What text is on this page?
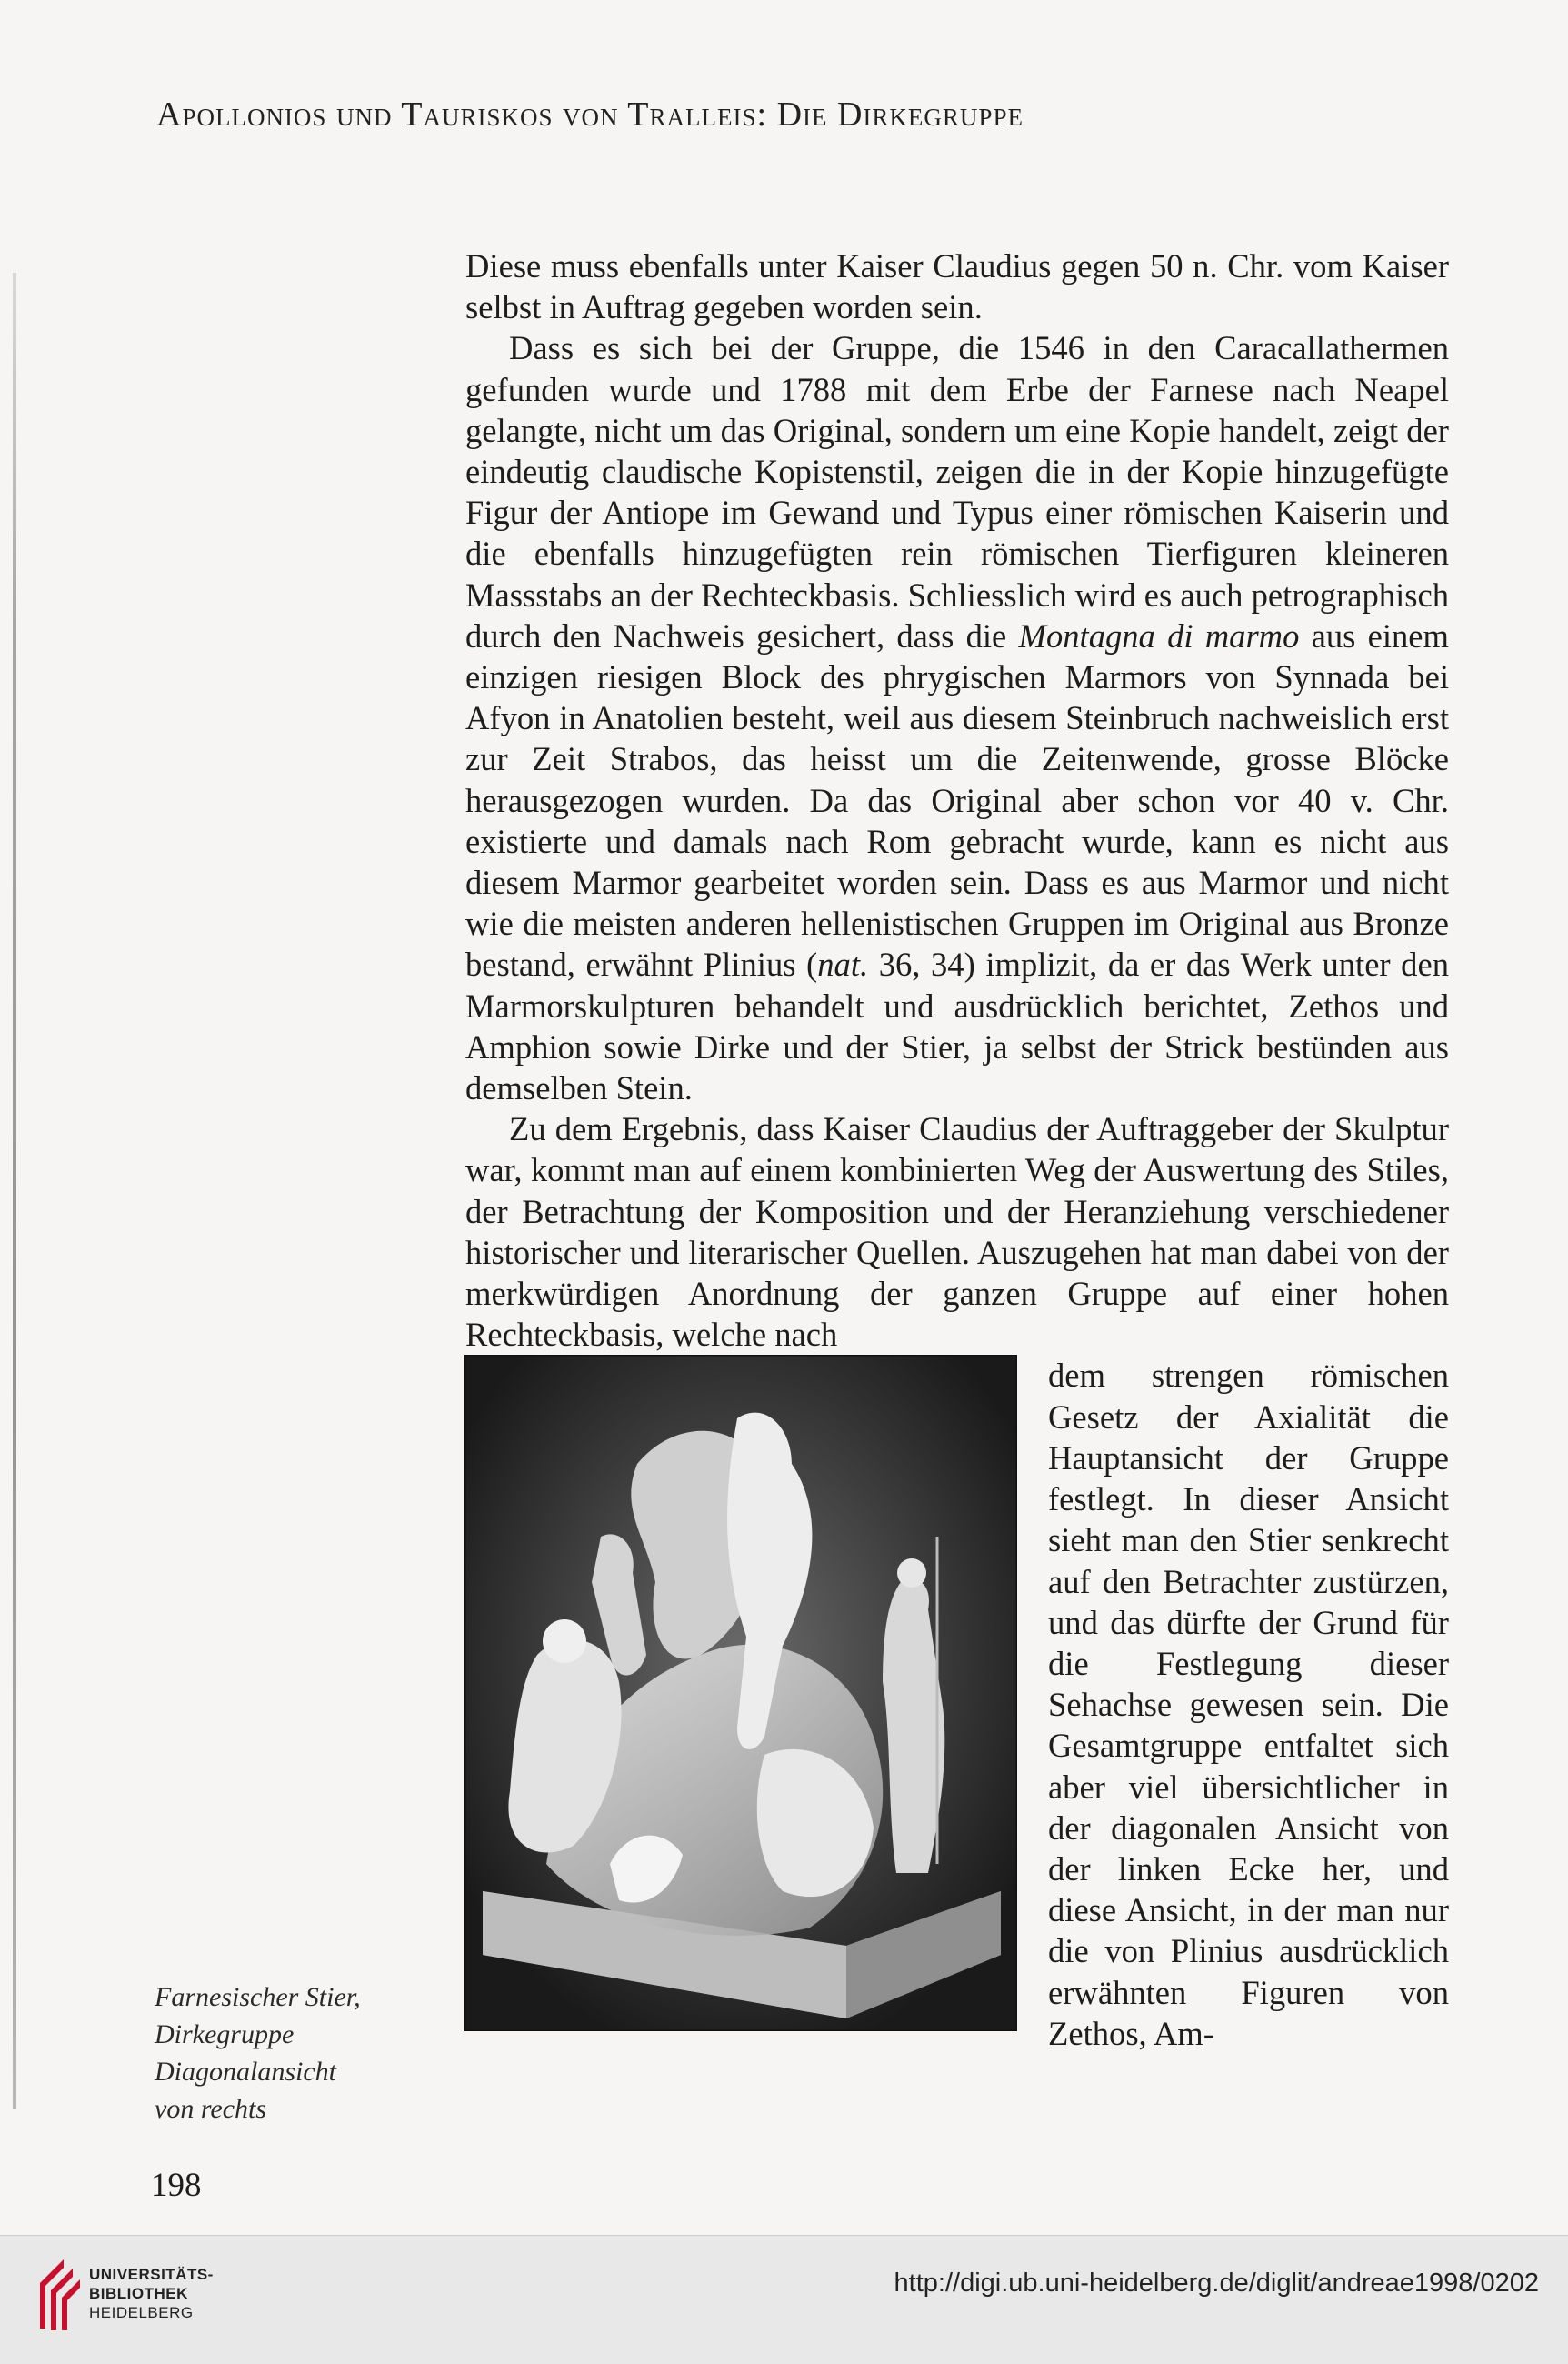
Apollonios und Tauriskos von Tralleis: Die Dirkegruppe

Diese muss ebenfalls unter Kaiser Claudius gegen 50 n. Chr. vom Kaiser selbst in Auftrag gegeben worden sein.

Dass es sich bei der Gruppe, die 1546 in den Caracallathermen gefunden wurde und 1788 mit dem Erbe der Farnese nach Neapel gelangte, nicht um das Original, sondern um eine Kopie handelt, zeigt der eindeutig claudische Kopistenstil, zeigen die in der Kopie hinzugefügte Figur der Antiope im Gewand und Typus einer römischen Kaiserin und die ebenfalls hinzugefügten rein römischen Tierfiguren kleineren Massstabs an der Rechteckbasis. Schliesslich wird es auch petrographisch durch den Nachweis gesichert, dass die Montagna di marmo aus einem einzigen riesigen Block des phrygischen Marmors von Synnada bei Afyon in Anatolien besteht, weil aus diesem Steinbruch nachweislich erst zur Zeit Strabos, das heisst um die Zeitenwende, grosse Blöcke herausgezogen wurden. Da das Original aber schon vor 40 v. Chr. existierte und damals nach Rom gebracht wurde, kann es nicht aus diesem Marmor gearbeitet worden sein. Dass es aus Marmor und nicht wie die meisten anderen hellenistischen Gruppen im Original aus Bronze bestand, erwähnt Plinius (nat. 36, 34) implizit, da er das Werk unter den Marmorskulpturen behandelt und ausdrücklich berichtet, Zethos und Amphion sowie Dirke und der Stier, ja selbst der Strick bestünden aus demselben Stein.

Zu dem Ergebnis, dass Kaiser Claudius der Auftraggeber der Skulptur war, kommt man auf einem kombinierten Weg der Auswertung des Stiles, der Betrachtung der Komposition und der Heranziehung verschiedener historischer und literarischer Quellen. Auszugehen hat man dabei von der merkwürdigen Anordnung der ganzen Gruppe auf einer hohen Rechteckbasis, welche nach

dem strengen römischen Gesetz der Axialität die Hauptansicht der Gruppe festlegt. In dieser Ansicht sieht man den Stier senkrecht auf den Betrachter zustürzen, und das dürfte der Grund für die Festlegung dieser Sehachse gewesen sein. Die Gesamtgruppe entfaltet sich aber viel übersichtlicher in der diagonalen Ansicht von der linken Ecke her, und diese Ansicht, in der man nur die von Plinius ausdrücklich erwähnten Figuren von Zethos, Am-
Farnesischer Stier,
Dirkegruppe
Diagonalansicht
von rechts
198
UNIVERSITÄTS-
BIBLIOTHEK
HEIDELBERG
http://digi.ub.uni-heidelberg.de/diglit/andreae1998/0202
